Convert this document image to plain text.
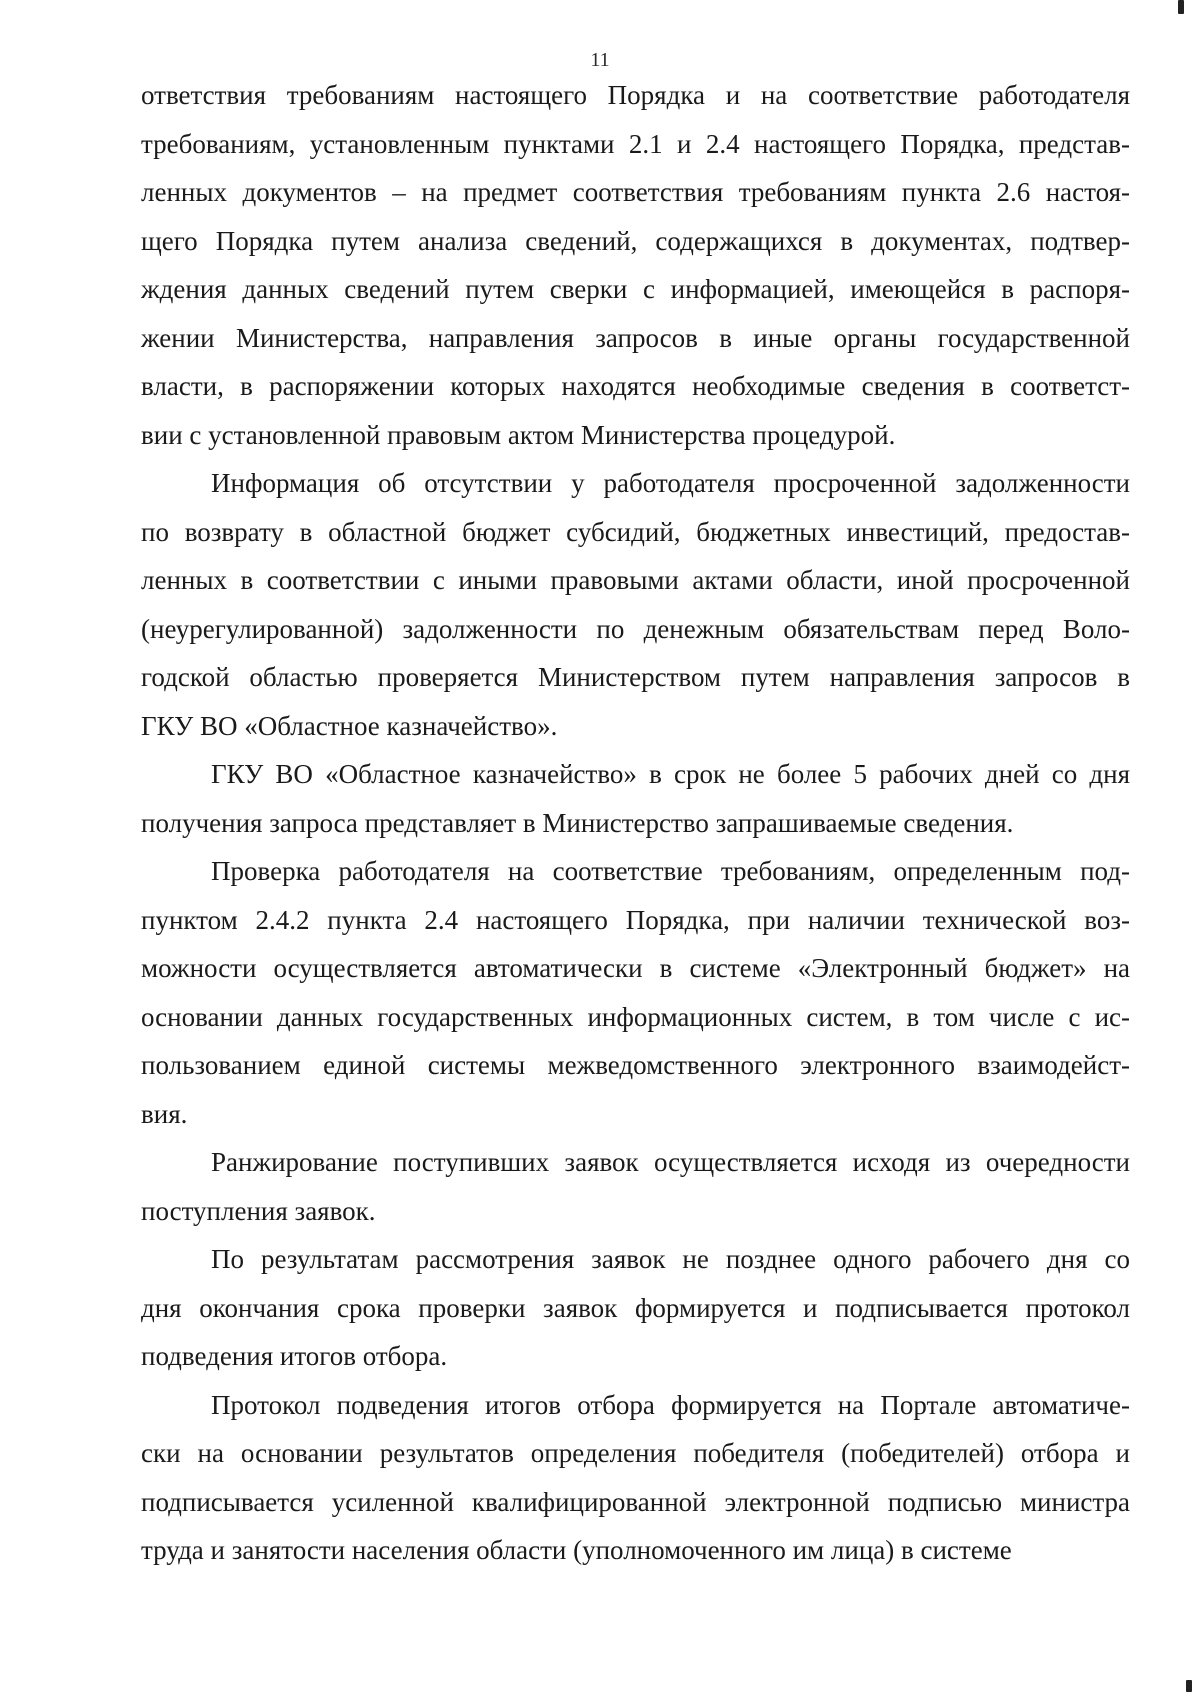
11
ответствия требованиям настоящего Порядка и на соответствие работодателя
требованиям, установленным пунктами 2.1 и 2.4 настоящего Порядка, представ-
ленных документов – на предмет соответствия требованиям пункта 2.6 настоя-
щего Порядка путем анализа сведений, содержащихся в документах, подтвер-
ждения данных сведений путем сверки с информацией, имеющейся в распоря-
жении Министерства, направления запросов в иные органы государственной
власти, в распоряжении которых находятся необходимые сведения в соответст-
вии с установленной правовым актом Министерства процедурой.
Информация об отсутствии у работодателя просроченной задолженности
по возврату в областной бюджет субсидий, бюджетных инвестиций, предостав-
ленных в соответствии с иными правовыми актами области, иной просроченной
(неурегулированной) задолженности по денежным обязательствам перед Воло-
годской областью проверяется Министерством путем направления запросов в
ГКУ ВО «Областное казначейство».
ГКУ ВО «Областное казначейство» в срок не более 5 рабочих дней со дня
получения запроса представляет в Министерство запрашиваемые сведения.
Проверка работодателя на соответствие требованиям, определенным под-
пунктом 2.4.2 пункта 2.4 настоящего Порядка, при наличии технической воз-
можности осуществляется автоматически в системе «Электронный бюджет» на
основании данных государственных информационных систем, в том числе с ис-
пользованием единой системы межведомственного электронного взаимодейст-
вия.
Ранжирование поступивших заявок осуществляется исходя из очередности
поступления заявок.
По результатам рассмотрения заявок не позднее одного рабочего дня со
дня окончания срока проверки заявок формируется и подписывается протокол
подведения итогов отбора.
Протокол подведения итогов отбора формируется на Портале автоматиче-
ски на основании результатов определения победителя (победителей) отбора и
подписывается усиленной квалифицированной электронной подписью министра
труда и занятости населения области (уполномоченного им лица) в системе
